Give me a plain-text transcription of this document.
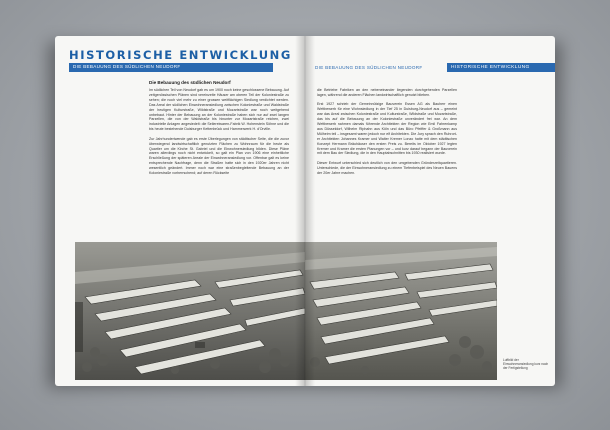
HISTORISCHE ENTWICKLUNG
DIE BEBAUUNG DES SÜDLICHEN NEUDORF
Die Bebauung des südlichen Neudorf

Im südlichen Teil von Neudorf gab es um 1900 noch keine geschlossene Bebauung. Auf zeitgenössischen Plänen sind vereinzelte Häuser am oberen Teil der Koloniestraße zu sehen; die noch viel mehr zu einer grossen weitflächigen Siedlung verdichtet werden. Das Areal der südlichen Einwohneransiedlung zwischen Koloniestraße und Waldstraße der heutigen Kulturstraße, Wildstraße und Mozartstraße war noch weitgehend unbebaut. Hinter der Bebauung an der Koloniestraße haben sich nur auf zwei langen Parzellen, die von der Waldstraße bis hinunter zur Mozartstraße reichen, zwei industrielle Anlagen angesiedelt: die Seilereiwaren-Fabrik W. Hohenstein Söhne und die bis heute bestehende Duisburger Kettenbrück und Hammerwerk H. d'Orville.

Zur Jahrhundertwende gab es erste Überlegungen von städtischer Seite, die die zuvor überwiegend landwirtschaftlich genutzten Flächen zu Wohnraum für die heute als Quartier um die Kirche St. Gabriel und die Einwohnersiedlung bilden. Diese Pläne waren allerdings noch nicht entwickelt, so galt ein Plan von 1906 eine einheitliche Erschließung der späteren Areale der Einwohneransiedlung vor. Offenbar galt es keine entsprechende Nachfrage, denn die Straßen hatte sich in den 1920er Jahren nicht wesentlich geändert. Immer noch war eine straßenbegleitende Bebauung an der Koloniestraße vorherrschend; auf deren Rückseite

DIE BEBAUUNG DES SÜDLICHEN NEUDORF	HISTORISCHE ENTWICKLUNG

die Betriebe Fabriken an den nebeneinander liegenden durchgehenden Parzellen lagen, während die anderen Flächen landwirtschaftlich genutzt blieben.

Erst 1927 schrieb der Gemeinnützige Bauverein Essen AG als Bauherr einen Wettbewerb für eine Wohnsiedlung in der Tief 25 in Duisburg-Neudorf aus – gemeint war das Areal zwischen Koloniestraße und Kulturstraße, Wildstraße und Mozartstraße, das bis auf die Bebauung an der Koloniestraße unverändert frei war. An dem Wettbewerb nahmen damals führende Architekten der Region wie Emil Fahrenkamp aus Düsseldorf, Wilhelm Riphahn aus Köln und das Büro Pfeiffer & Großmann aus Mülheim teil – insgesamt waren jedoch nur elf Architekten. Die Jury sprach den Ruhrort-er Architekten Johannes Kramer und Walter Kremer Lonzo hatte mit dem städtischen Konzept Hermann Bräuhäuser den ersten Preis zu. Bereits im Oktober 1927 legten Kremer und Kramer die ersten Planungen vor – und kurz darauf begann der Bauverein mit dem Bau der Siedlung, die in den Hauptabschnitten bis 1930 realisiert wurde.

Dieser Entwurf unterschied sich deutlich von den umgebenden Gründerzeitquartieren. Unterschiede, die der Einwohneransiedlung zu einem Tiefenbeispiel des Neuen Bauens der 20er Jahre machen.

Luftbild der Einwohneransiedlung kurz nach der Fertigstellung
